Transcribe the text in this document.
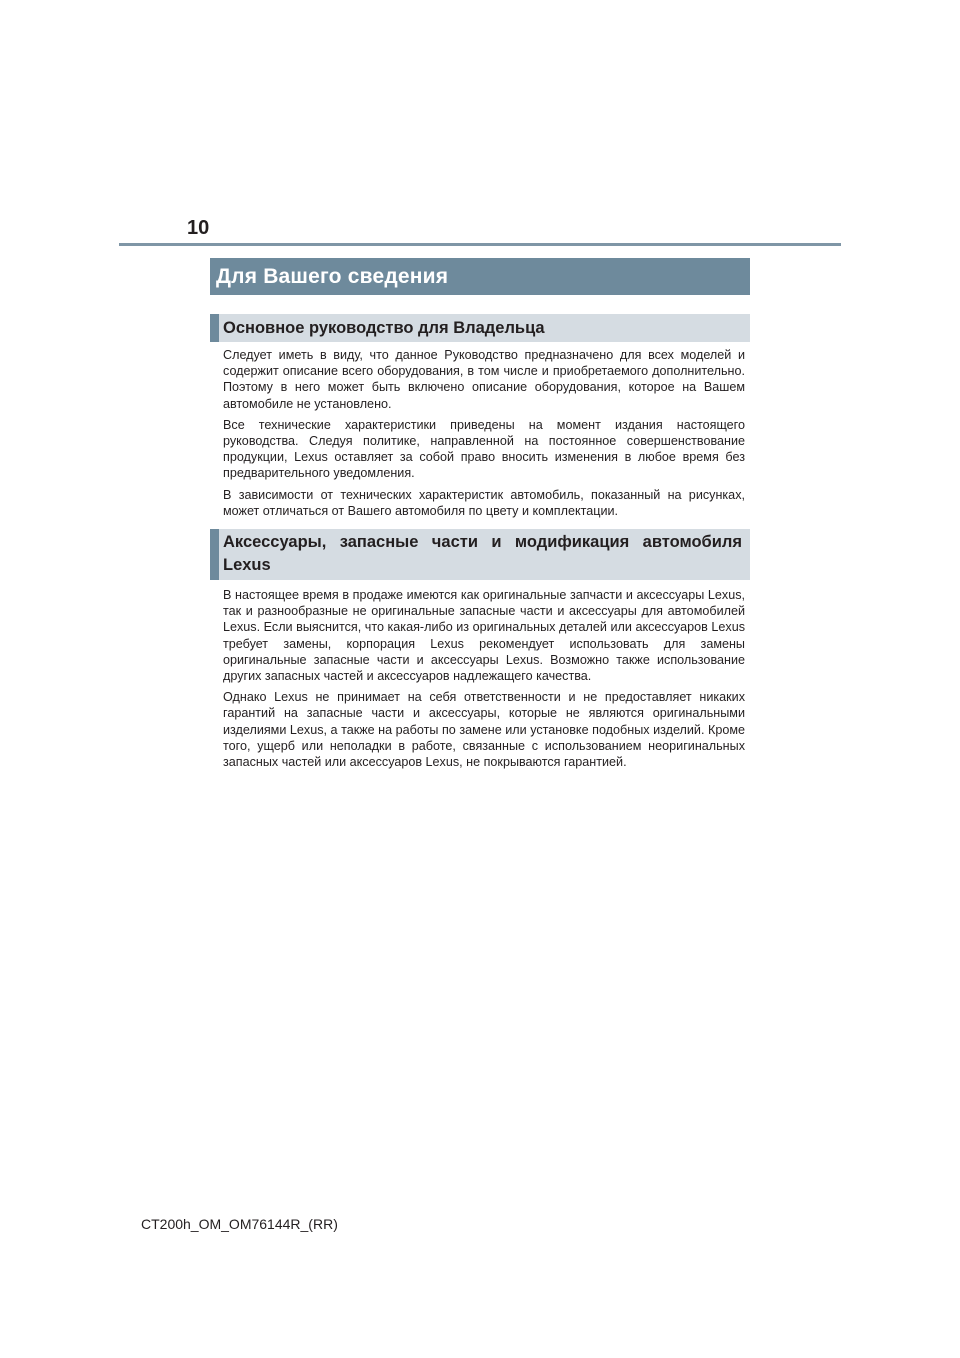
10
Для Вашего сведения
Основное руководство для Владельца

Следует иметь в виду, что данное Руководство предназначено для всех моделей и содержит описание всего оборудования, в том числе и приобретаемого дополнительно. Поэтому в него может быть включено описание оборудования, которое на Вашем автомобиле не установлено.

Все технические характеристики приведены на момент издания настоящего руководства. Следуя политике, направленной на постоянное совершенствование продукции, Lexus оставляет за собой право вносить изменения в любое время без предварительного уведомления.

В зависимости от технических характеристик автомобиль, показанный на рисунках, может отличаться от Вашего автомобиля по цвету и комплектации.

Аксессуары, запасные части и модификация автомобиля Lexus

В настоящее время в продаже имеются как оригинальные запчасти и аксессуары Lexus, так и разнообразные не оригинальные запасные части и аксессуары для автомобилей Lexus. Если выяснится, что какая-либо из оригинальных деталей или аксессуаров Lexus требует замены, корпорация Lexus рекомендует использовать для замены оригинальные запасные части и аксессуары Lexus. Возможно также использование других запасных частей и аксессуаров надлежащего качества.

Однако Lexus не принимает на себя ответственности и не предоставляет никаких гарантий на запасные части и аксессуары, которые не являются оригинальными изделиями Lexus, а также на работы по замене или установке подобных изделий. Кроме того, ущерб или неполадки в работе, связанные с использованием неоригинальных запасных частей или аксессуаров Lexus, не покрываются гарантией.

CT200h_OM_OM76144R_(RR)
